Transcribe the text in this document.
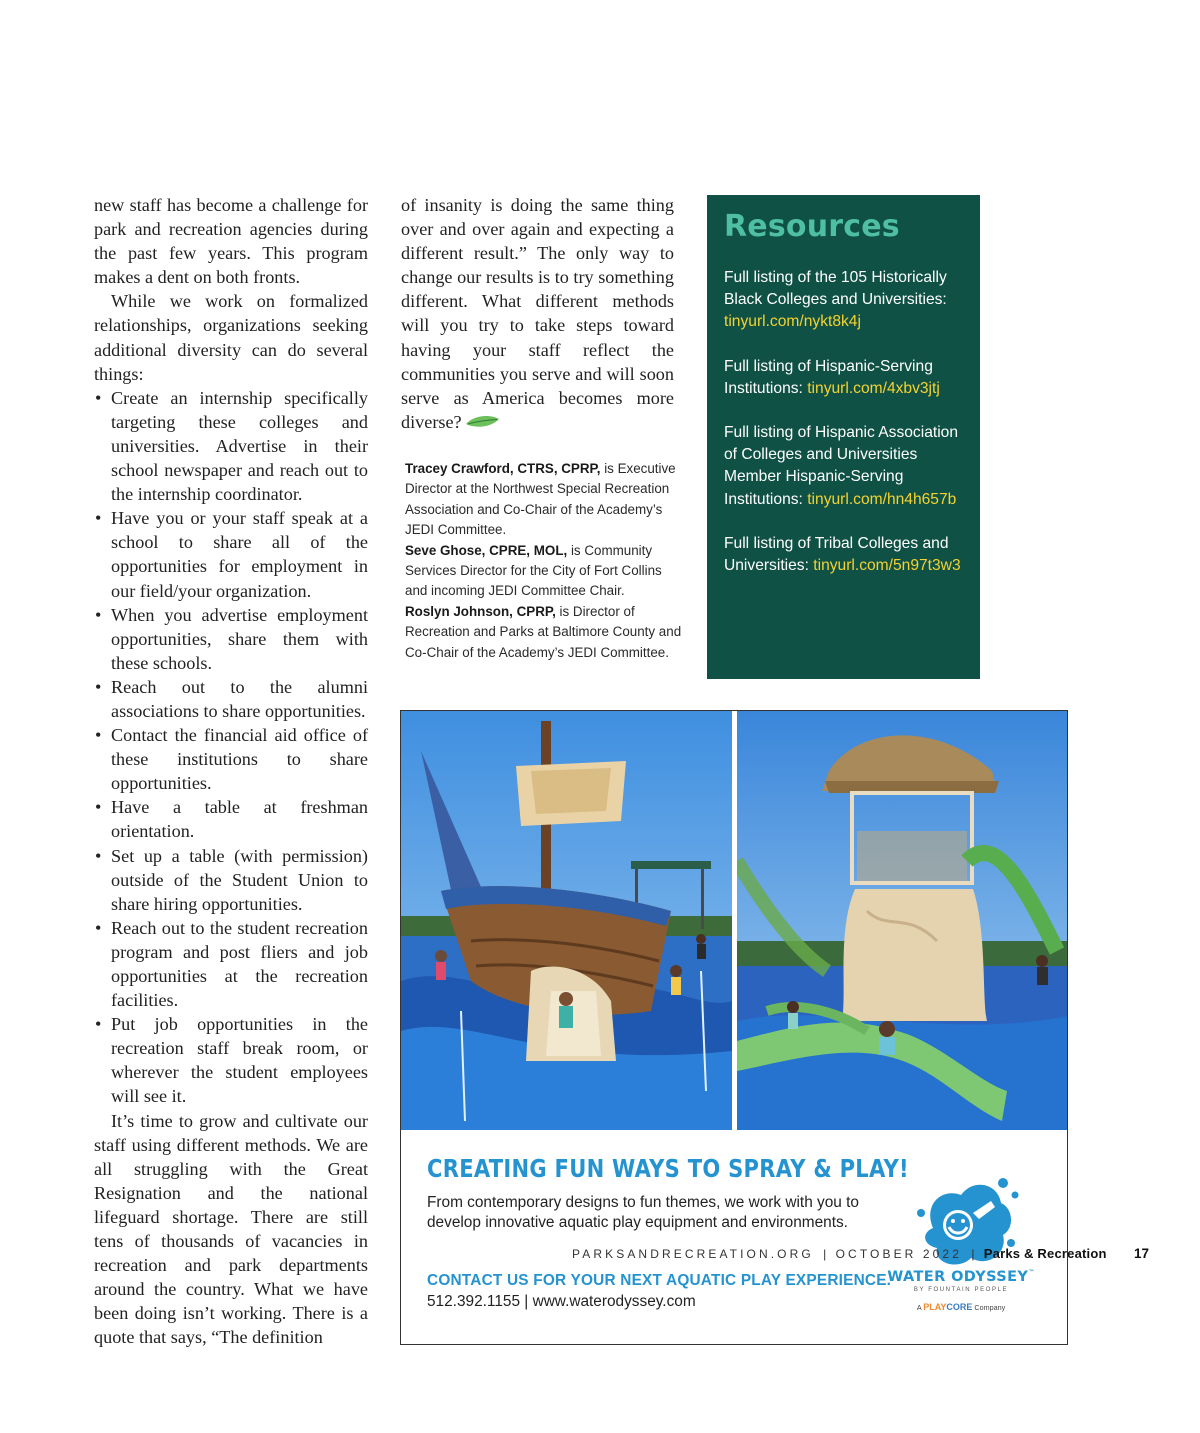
new staff has become a challenge for park and recreation agencies during the past few years. This program makes a dent on both fronts.

While we work on formalized relationships, organizations seeking additional diversity can do several things:

• Create an internship specifically targeting these colleges and universities. Advertise in their school newspaper and reach out to the internship coordinator.
• Have you or your staff speak at a school to share all of the opportunities for employment in our field/your organization.
• When you advertise employment opportunities, share them with these schools.
• Reach out to the alumni associations to share opportunities.
• Contact the financial aid office of these institutions to share opportunities.
• Have a table at freshman orientation.
• Set up a table (with permission) outside of the Student Union to share hiring opportunities.
• Reach out to the student recreation program and post fliers and job opportunities at the recreation facilities.
• Put job opportunities in the recreation staff break room, or wherever the student employees will see it.

It’s time to grow and cultivate our staff using different methods. We are all struggling with the Great Resignation and the national lifeguard shortage. There are still tens of thousands of vacancies in recreation and park departments around the country. What we have been doing isn’t working. There is a quote that says, “The definition

of insanity is doing the same thing over and over again and expecting a different result.” The only way to change our results is to try something different. What different methods will you try to take steps toward having your staff reflect the communities you serve and will soon serve as America becomes more diverse?

Tracey Crawford, CTRS, CPRP, is Executive Director at the Northwest Special Recreation Association and Co-Chair of the Academy’s JEDI Committee.

Seve Ghose, CPRE, MOL, is Community Services Director for the City of Fort Collins and incoming JEDI Committee Chair.

Roslyn Johnson, CPRP, is Director of Recreation and Parks at Baltimore County and Co-Chair of the Academy’s JEDI Committee.

Resources
Full listing of the 105 Historically Black Colleges and Universities: tinyurl.com/nykt8k4j
Full listing of Hispanic-Serving Institutions: tinyurl.com/4xbv3jtj
Full listing of Hispanic Association of Colleges and Universities Member Hispanic-Serving Institutions: tinyurl.com/hn4h657b
Full listing of Tribal Colleges and Universities: tinyurl.com/5n97t3w3
CREATING FUN WAYS TO SPRAY & PLAY!
From contemporary designs to fun themes, we work with you to develop innovative aquatic play equipment and environments.
CONTACT US FOR YOUR NEXT AQUATIC PLAY EXPERIENCE.
512.392.1155 | www.waterodyssey.com
WATER ODYSSEY™
BY FOUNTAIN PEOPLE
A PLAYCORE Company
PARKSANDRECREATION.ORG | OCTOBER 2022 | Parks & Recreation 17
